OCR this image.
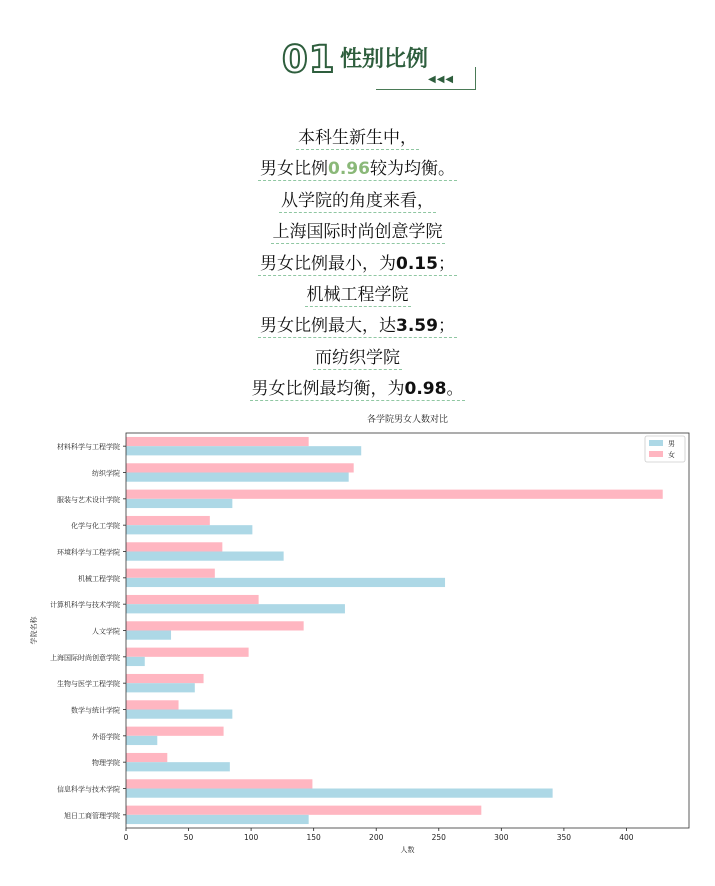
01 性别比例
◀◀◀
本科生新生中，
男女比例0.96较为均衡。
从学院的角度来看，
上海国际时尚创意学院
男女比例最小，为0.15；
机械工程学院
男女比例最大，达3.59；
而纺织学院
男女比例最均衡，为0.98。
各学院男女人数对比
材料科学与工程学院
纺织学院
服装与艺术设计学院
化学与化工学院
环境科学与工程学院
机械工程学院
计算机科学与技术学院
人文学院
上海国际时尚创意学院
生物与医学工程学院
数学与统计学院
外语学院
物理学院
信息科学与技术学院
旭日工商管理学院
0	50	100	150	200	250	300	350	400
人数
学院名称
男
女
